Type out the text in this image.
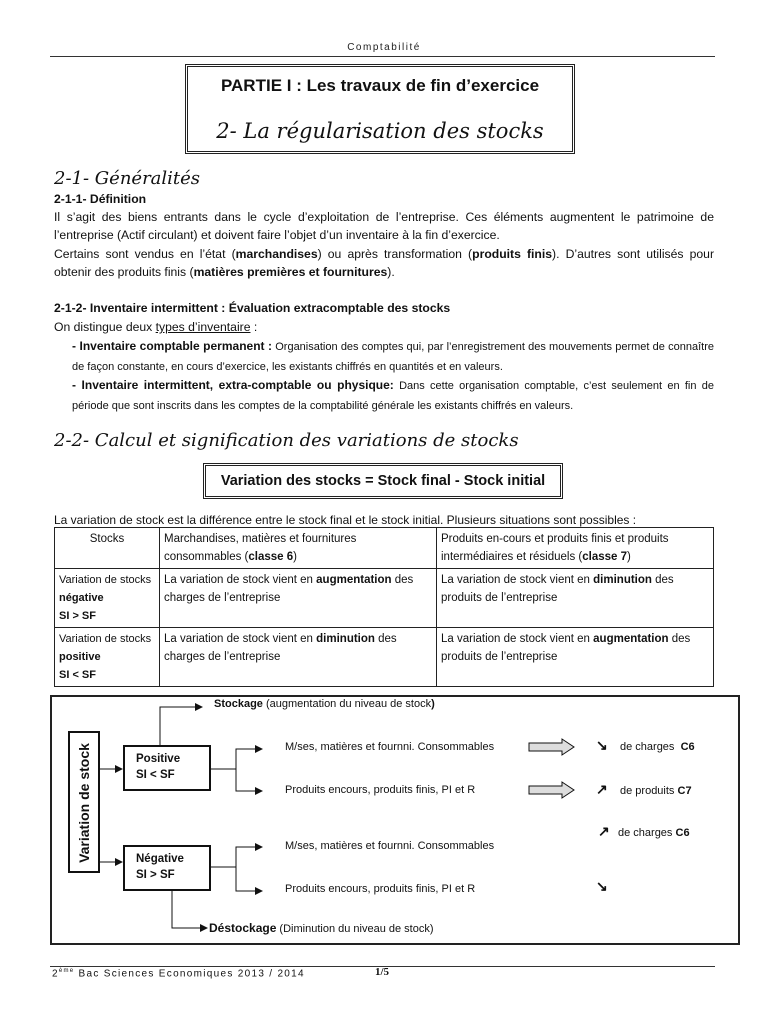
Comptabilité
PARTIE I : Les travaux de fin d’exercice
2- La régularisation des stocks
2-1- Généralités
2-1-1- Définition
Il s’agit des biens entrants dans le cycle d’exploitation de l’entreprise. Ces éléments augmentent le patrimoine de l’entreprise (Actif circulant) et doivent faire l’objet d’un inventaire à la fin d’exercice.
Certains sont vendus en l’état (marchandises) ou après transformation (produits finis). D’autres sont utilisés pour obtenir des produits finis (matières premières et fournitures).
2-1-2- Inventaire intermittent : Évaluation extracomptable des stocks
On distingue deux types d’inventaire :
- Inventaire comptable permanent : Organisation des comptes qui, par l’enregistrement des mouvements permet de connaître de façon constante, en cours d’exercice, les existants chiffrés en quantités et en valeurs.
- Inventaire intermittent, extra-comptable ou physique: Dans cette organisation comptable, c’est seulement en fin de période que sont inscrits dans les comptes de la comptabilité générale les existants chiffrés en valeurs.
2-2- Calcul et signification des variations de stocks
Variation des stocks = Stock final - Stock initial
La variation de stock est la différence entre le stock final et le stock initial. Plusieurs situations sont possibles :
Stocks	Marchandises, matières et fournitures consommables (classe 6)	Produits en-cours et produits finis et produits intermédiaires et résiduels (classe 7)
Variation de stocks négative
SI > SF	La variation de stock vient en augmentation des charges de l’entreprise	La variation de stock vient en diminution des produits de l’entreprise
Variation de stocks positive
SI < SF	La variation de stock vient en diminution des charges de l’entreprise	La variation de stock vient en augmentation des produits de l’entreprise
Variation de stock
Stockage (augmentation du niveau de stock)
Positive
SI < SF
Négative
SI > SF
M/ses, matières et fournni. Consommables
Produits encours, produits finis, PI et R
M/ses, matières et fournni. Consommables
Produits encours, produits finis, PI et R
↘ de charges C6
↗ de produits C7
↗ de charges C6
↘
Déstockage (Diminution du niveau de stock)
2ème Bac Sciences Economiques 2013 / 2014	1/5
